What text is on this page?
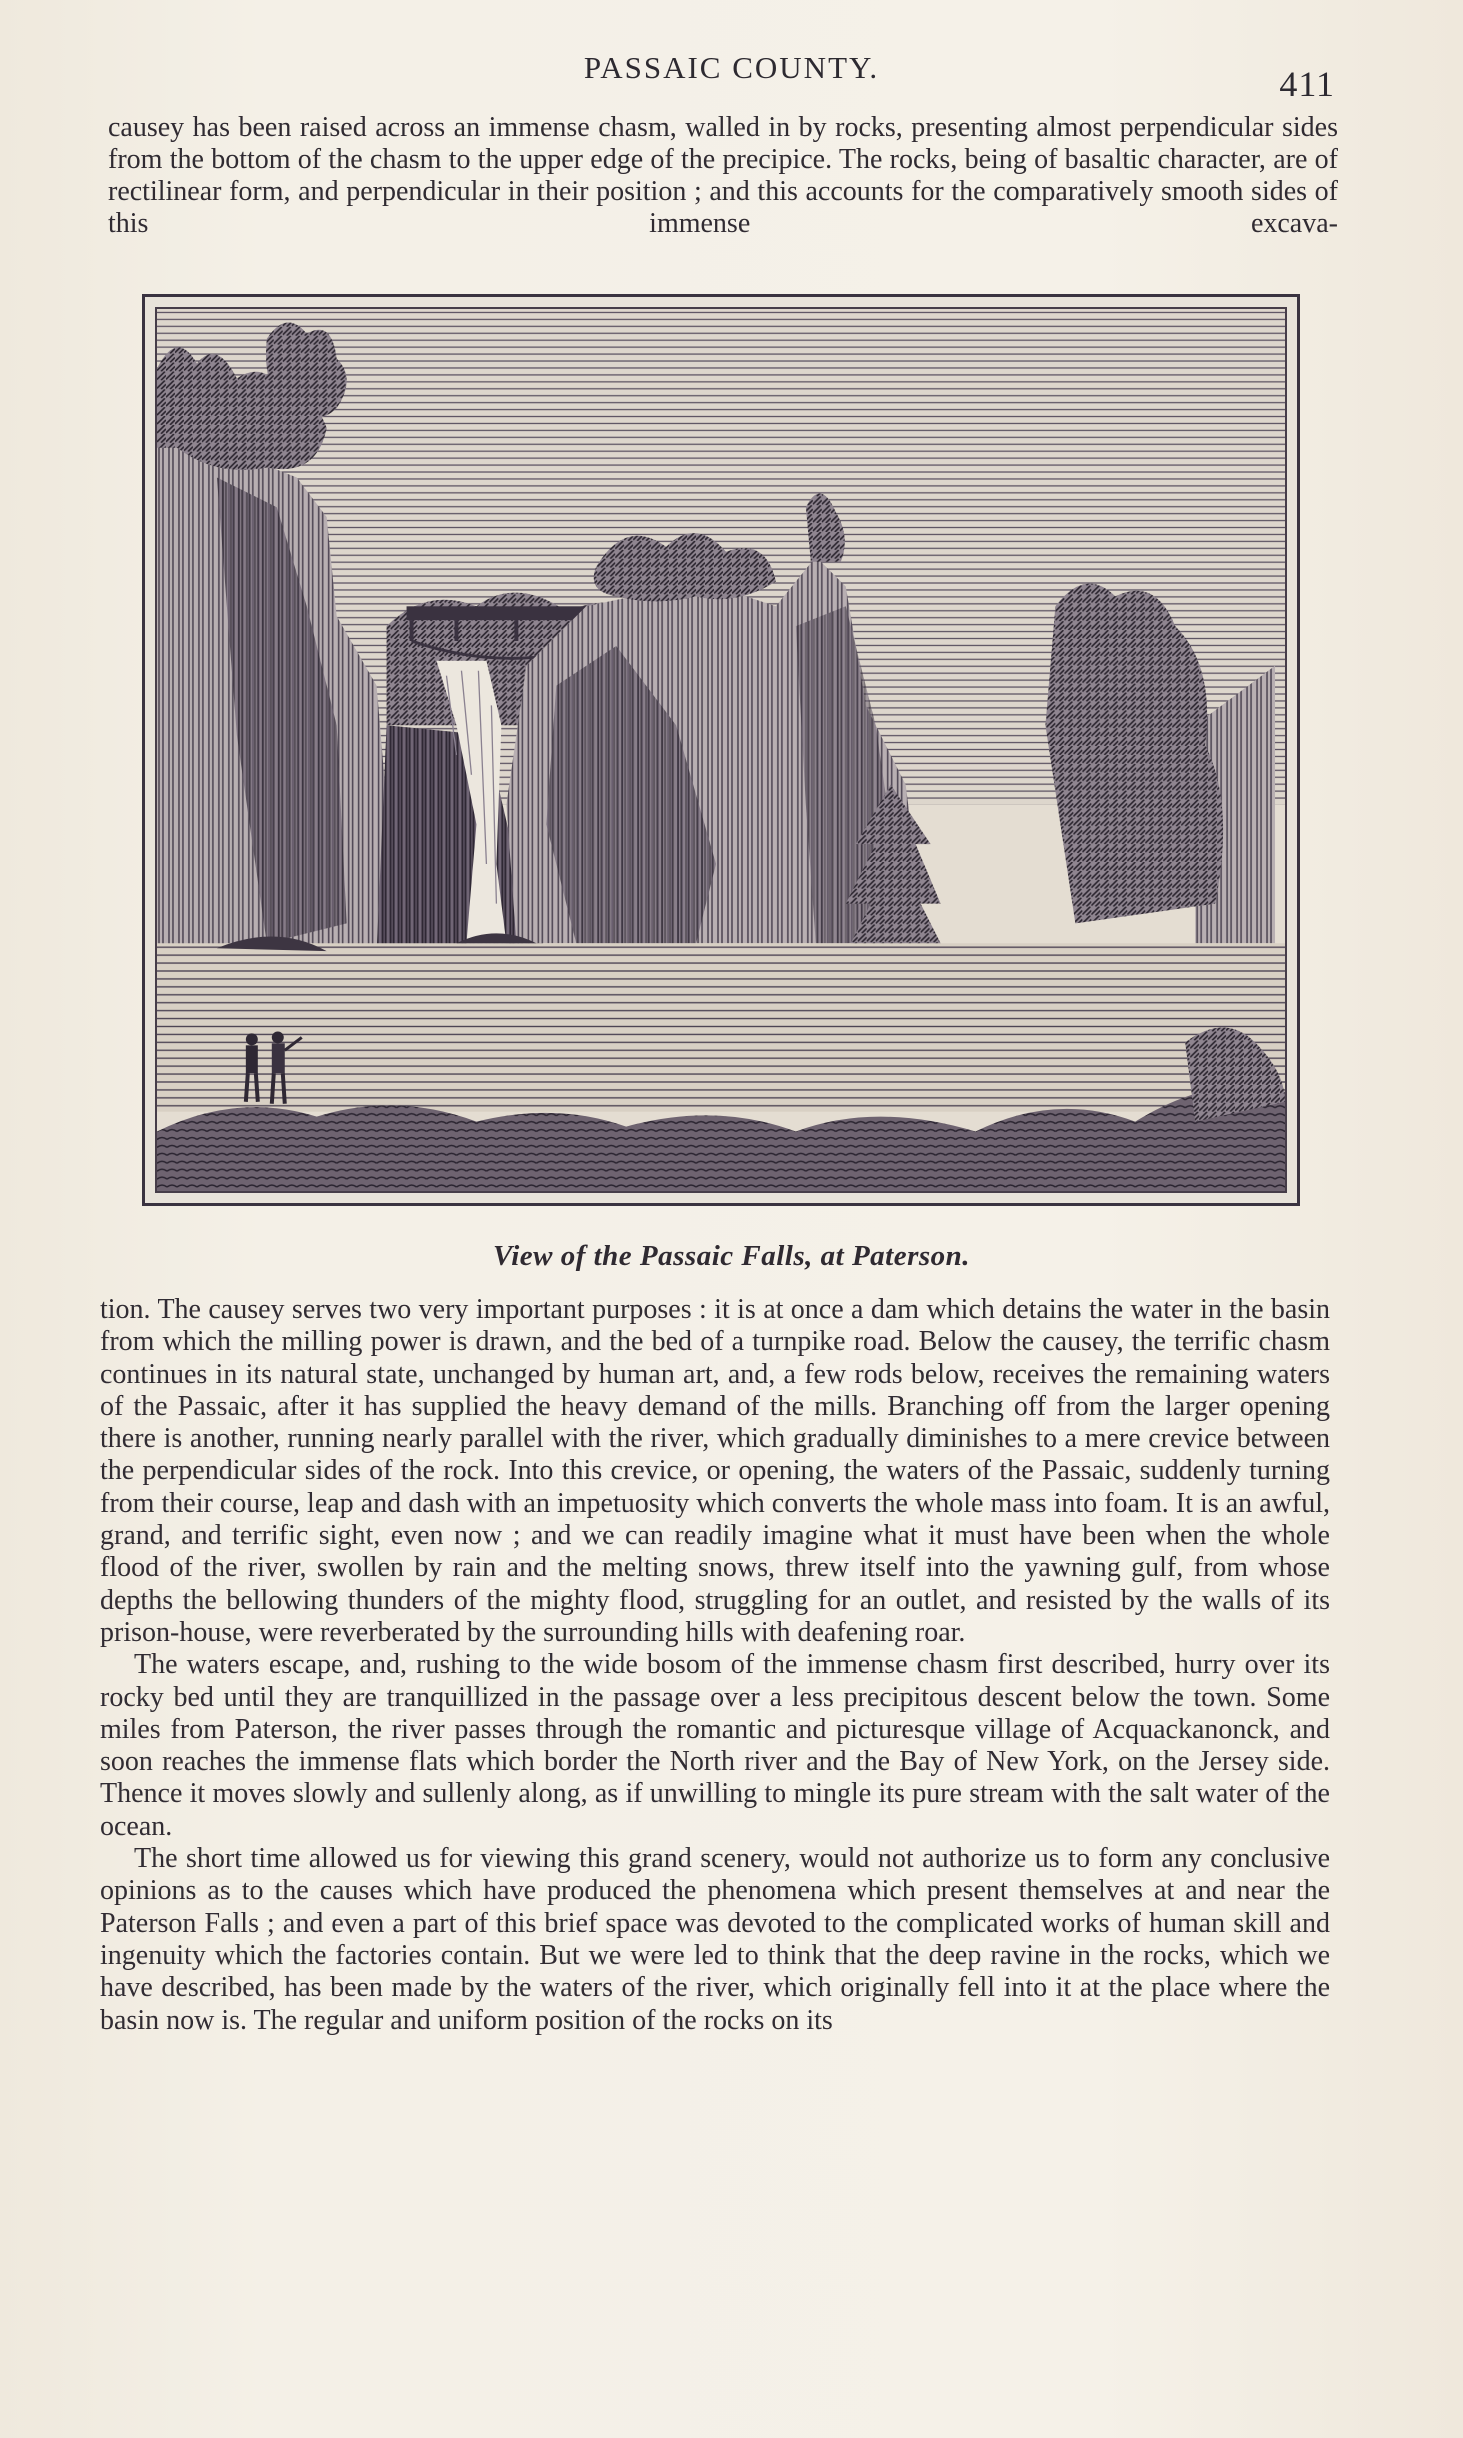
PASSAIC COUNTY.	411

causey has been raised across an immense chasm, walled in by rocks, presenting almost perpendicular sides from the bottom of the chasm to the upper edge of the precipice. The rocks, being of basaltic character, are of rectilinear form, and perpendicular in their position ; and this accounts for the comparatively smooth sides of this immense excava-

View of the Passaic Falls, at Paterson.

tion. The causey serves two very important purposes : it is at once a dam which detains the water in the basin from which the milling power is drawn, and the bed of a turnpike road. Below the causey, the terrific chasm continues in its natural state, unchanged by human art, and, a few rods below, receives the remaining waters of the Passaic, after it has supplied the heavy demand of the mills. Branching off from the larger opening there is another, running nearly parallel with the river, which gradually diminishes to a mere crevice between the perpendicular sides of the rock. Into this crevice, or opening, the waters of the Passaic, suddenly turning from their course, leap and dash with an impetuosity which converts the whole mass into foam. It is an awful, grand, and terrific sight, even now ; and we can readily imagine what it must have been when the whole flood of the river, swollen by rain and the melting snows, threw itself into the yawning gulf, from whose depths the bellowing thunders of the mighty flood, struggling for an outlet, and resisted by the walls of its prison-house, were reverberated by the surrounding hills with deafening roar.

The waters escape, and, rushing to the wide bosom of the immense chasm first described, hurry over its rocky bed until they are tranquillized in the passage over a less precipitous descent below the town. Some miles from Paterson, the river passes through the romantic and picturesque village of Acquackanonck, and soon reaches the immense flats which border the North river and the Bay of New York, on the Jersey side. Thence it moves slowly and sullenly along, as if unwilling to mingle its pure stream with the salt water of the ocean.

The short time allowed us for viewing this grand scenery, would not authorize us to form any conclusive opinions as to the causes which have produced the phenomena which present themselves at and near the Paterson Falls ; and even a part of this brief space was devoted to the complicated works of human skill and ingenuity which the factories contain. But we were led to think that the deep ravine in the rocks, which we have described, has been made by the waters of the river, which originally fell into it at the place where the basin now is. The regular and uniform position of the rocks on its
